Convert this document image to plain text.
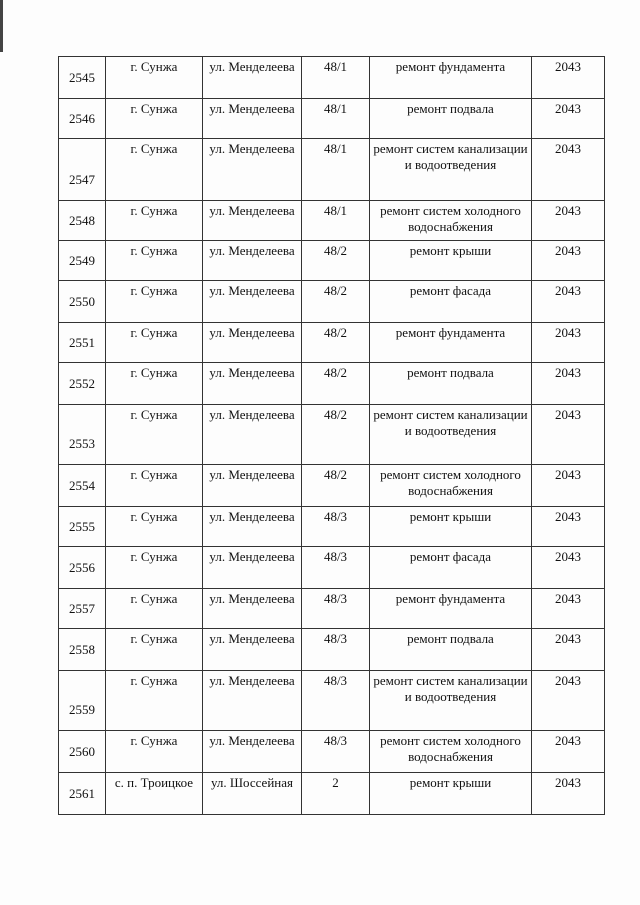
2545	г. Сунжа	ул. Менделеева	48/1	ремонт фундамента	2043
2546	г. Сунжа	ул. Менделеева	48/1	ремонт подвала	2043
2547	г. Сунжа	ул. Менделеева	48/1	ремонт систем канализации и водоотведения	2043
2548	г. Сунжа	ул. Менделеева	48/1	ремонт систем холодного водоснабжения	2043
2549	г. Сунжа	ул. Менделеева	48/2	ремонт крыши	2043
2550	г. Сунжа	ул. Менделеева	48/2	ремонт фасада	2043
2551	г. Сунжа	ул. Менделеева	48/2	ремонт фундамента	2043
2552	г. Сунжа	ул. Менделеева	48/2	ремонт подвала	2043
2553	г. Сунжа	ул. Менделеева	48/2	ремонт систем канализации и водоотведения	2043
2554	г. Сунжа	ул. Менделеева	48/2	ремонт систем холодного водоснабжения	2043
2555	г. Сунжа	ул. Менделеева	48/3	ремонт крыши	2043
2556	г. Сунжа	ул. Менделеева	48/3	ремонт фасада	2043
2557	г. Сунжа	ул. Менделеева	48/3	ремонт фундамента	2043
2558	г. Сунжа	ул. Менделеева	48/3	ремонт подвала	2043
2559	г. Сунжа	ул. Менделеева	48/3	ремонт систем канализации и водоотведения	2043
2560	г. Сунжа	ул. Менделеева	48/3	ремонт систем холодного водоснабжения	2043
2561	с. п. Троицкое	ул. Шоссейная	2	ремонт крыши	2043
